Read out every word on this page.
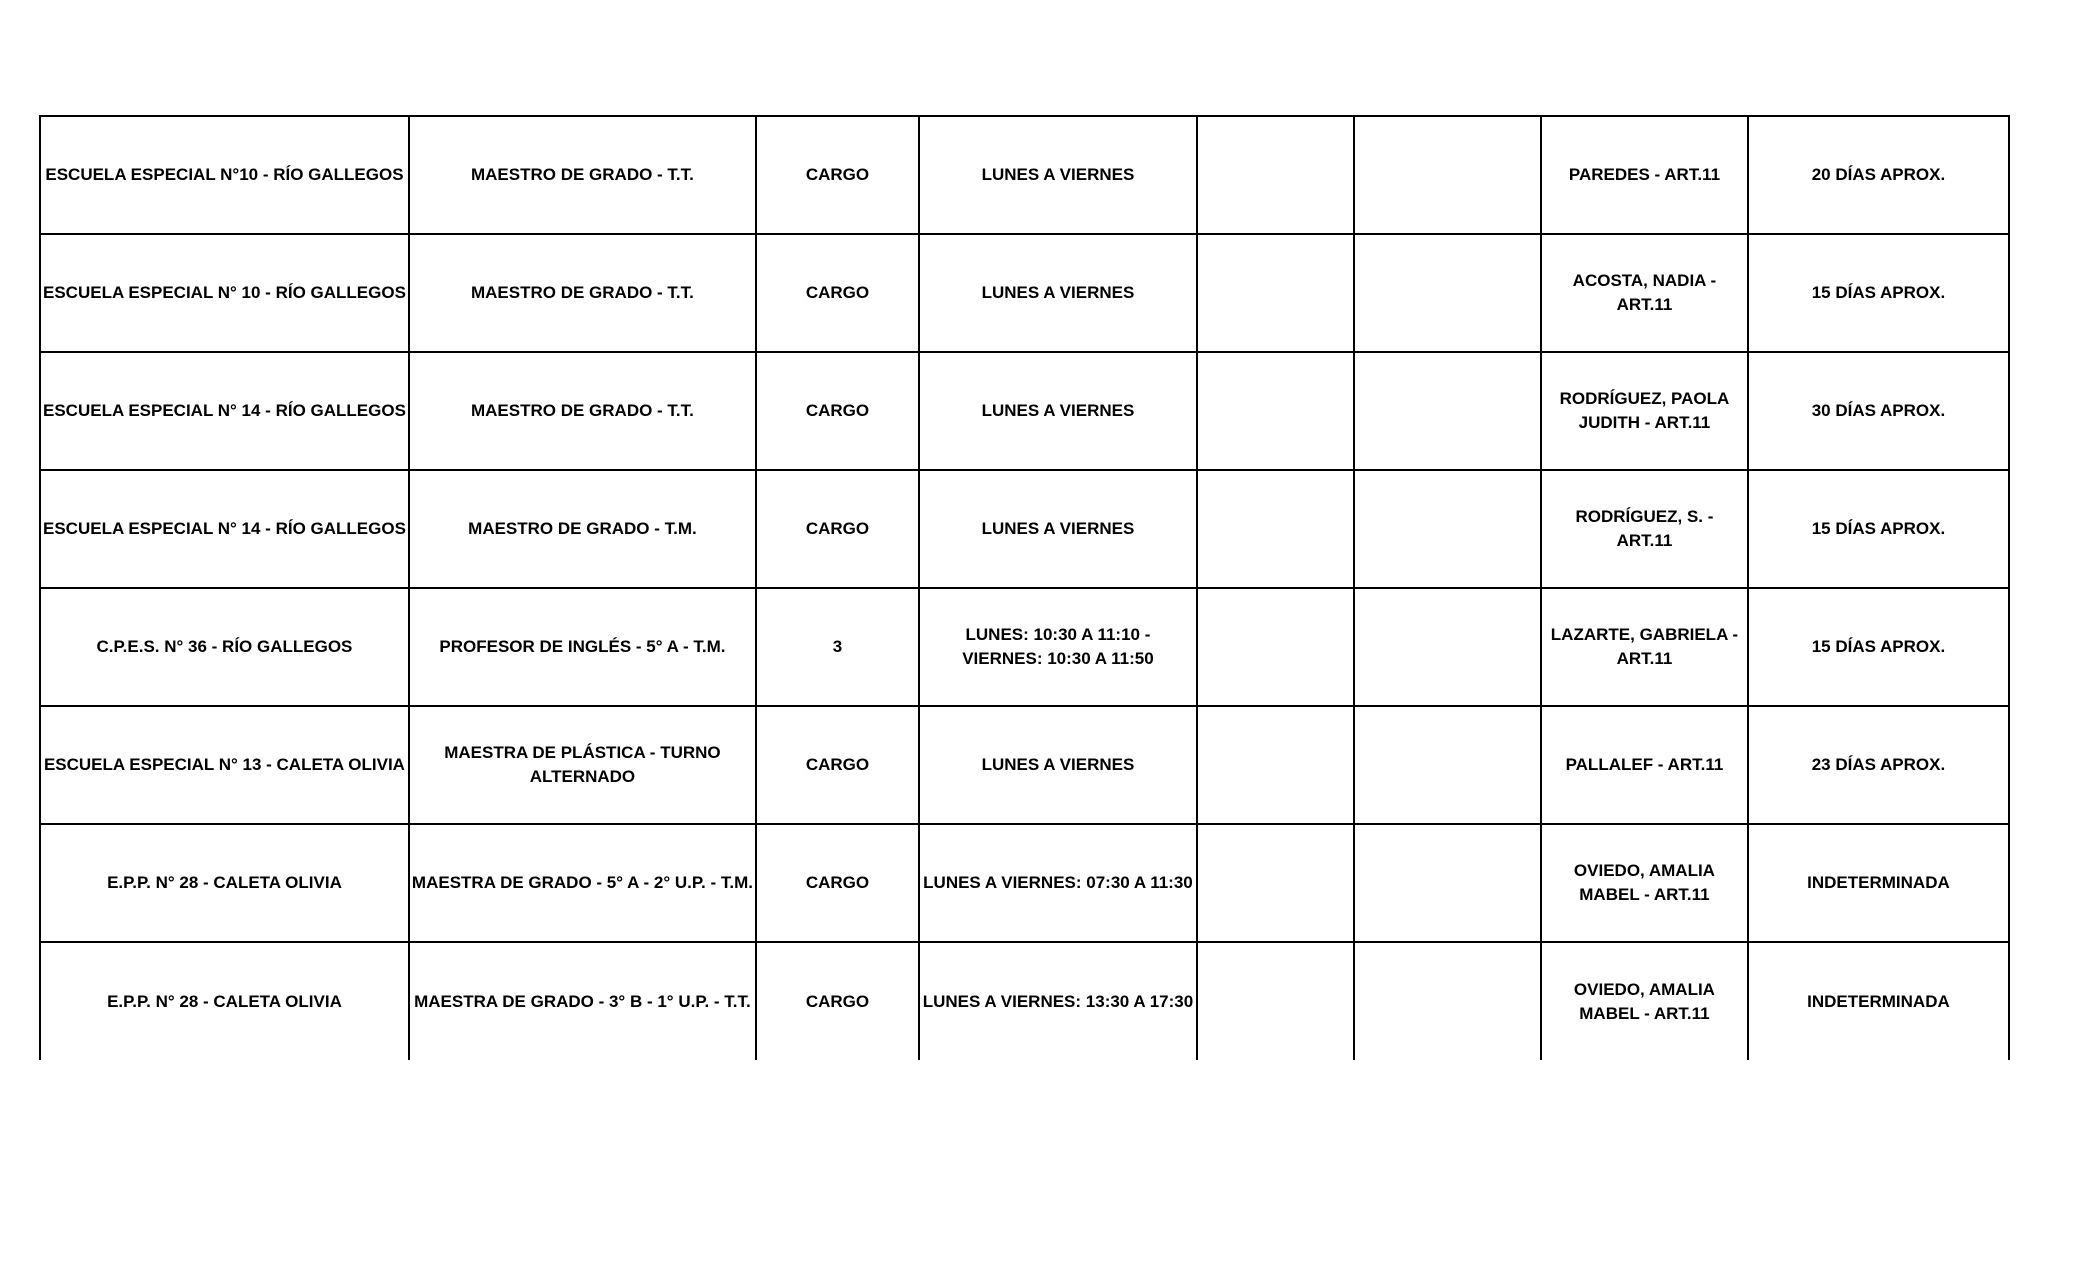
ESCUELA ESPECIAL N°10 - RÍO GALLEGOS	MAESTRO DE GRADO - T.T.	CARGO	LUNES A VIERNES			PAREDES - ART.11	20 DÍAS APROX.
ESCUELA ESPECIAL N° 10 - RÍO GALLEGOS	MAESTRO DE GRADO - T.T.	CARGO	LUNES A VIERNES			ACOSTA, NADIA - ART.11	15 DÍAS APROX.
ESCUELA ESPECIAL N° 14 - RÍO GALLEGOS	MAESTRO DE GRADO - T.T.	CARGO	LUNES A VIERNES			RODRÍGUEZ, PAOLA JUDITH - ART.11	30 DÍAS APROX.
ESCUELA ESPECIAL N° 14 - RÍO GALLEGOS	MAESTRO DE GRADO - T.M.	CARGO	LUNES A VIERNES			RODRÍGUEZ, S. - ART.11	15 DÍAS APROX.
C.P.E.S. N° 36 - RÍO GALLEGOS	PROFESOR DE INGLÉS - 5° A - T.M.	3	LUNES: 10:30 A 11:10 - VIERNES: 10:30 A 11:50			LAZARTE, GABRIELA - ART.11	15 DÍAS APROX.
ESCUELA ESPECIAL N° 13 - CALETA OLIVIA	MAESTRA DE PLÁSTICA - TURNO ALTERNADO	CARGO	LUNES A VIERNES			PALLALEF - ART.11	23 DÍAS APROX.
E.P.P. N° 28 - CALETA OLIVIA	MAESTRA DE GRADO - 5° A - 2° U.P. - T.M.	CARGO	LUNES A VIERNES: 07:30 A 11:30			OVIEDO, AMALIA MABEL - ART.11	INDETERMINADA
E.P.P. N° 28 - CALETA OLIVIA	MAESTRA DE GRADO - 3° B - 1° U.P. - T.T.	CARGO	LUNES A VIERNES: 13:30 A 17:30			OVIEDO, AMALIA MABEL - ART.11	INDETERMINADA
